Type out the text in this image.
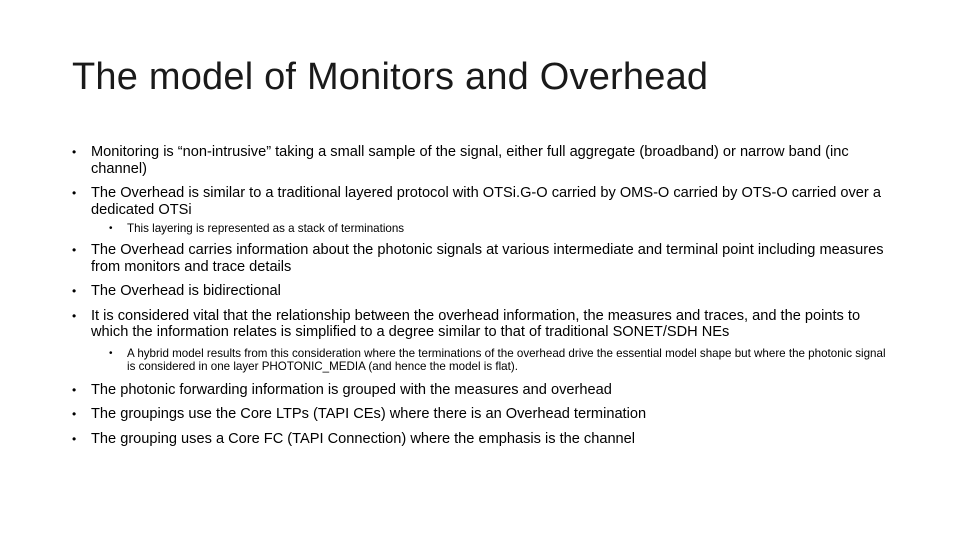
The model of Monitors and Overhead
• Monitoring is “non-intrusive” taking a small sample of the signal, either full aggregate (broadband) or narrow band (inc channel)
• The Overhead is similar to a traditional layered protocol with OTSi.G-O carried by OMS-O carried by OTS-O carried over a dedicated OTSi
• This layering is represented as a stack of terminations
• The Overhead carries information about the photonic signals at various intermediate and terminal point including measures from monitors and trace details
• The Overhead is bidirectional
• It is considered vital that the relationship between the overhead information, the measures and traces, and the points to which the information relates is simplified to a degree similar to that of traditional SONET/SDH NEs
• A hybrid model results from this consideration where the terminations of the overhead drive the essential model shape but where the photonic signal is considered in one layer PHOTONIC_MEDIA (and hence the model is flat).
• The photonic forwarding information is grouped with the measures and overhead
• The groupings use the Core LTPs (TAPI CEs) where there is an Overhead termination
• The grouping uses a Core FC (TAPI Connection) where the emphasis is the channel
